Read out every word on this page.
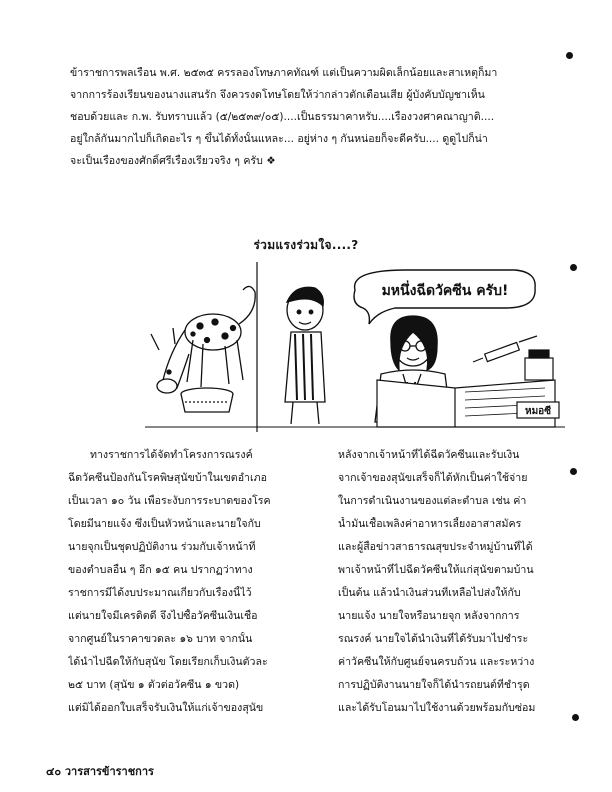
ข้าราชการพลเรือน พ.ศ. ๒๕๓๕ ครรลองโทษภาคทัณฑ์ แต่เป็นความผิดเล็กน้อยและสาเหตุก็มา
จากการร้องเรียนของนางแสนรัก จึงควรงดโทษโดยให้ว่ากล่าวตักเตือนเสีย ผู้บังคับบัญชาเห็น
ชอบด้วยและ ก.พ. รับทราบแล้ว (๕/๒๕๓๙/๐๕)....เป็นธรรมาคาหรับ....เรื่องวงศาคณาญาติ....
อยู่ใกล้กันมากไปก็เกิดอะไร ๆ ขึ้นได้ทั้งนั้นแหละ... อยู่ห่าง ๆ กันหน่อยก็จะดีครับ.... ดูดูไปก็น่า
จะเป็นเรื่องของศักดิ์ศรีเรื่องเรียวจริง ๆ ครับ ❖
ร่วมแรงร่วมใจ....?
มหนึ่งฉีดวัคซีน ครับ!
หมอซี
ทางราชการได้จัดทำโครงการณรงค์
ฉีดวัคซีนป้องกันโรคพิษสุนัขบ้าในเขตอำเภอ
เป็นเวลา ๑๐ วัน เพื่อระงับการระบาดของโรค
โดยมีนายแจ้ง ซึ่งเป็นหัวหน้าและนายใจกับ
นายจุกเป็นชุดปฏิบัติงาน ร่วมกับเจ้าหน้าที่
ของตำบลอื่น ๆ อีก ๑๕ คน ปรากฏว่าทาง
ราชการมีได้งบประมาณเกี่ยวกับเรื่องนี้ไว้
แต่นายใจมีเครดิตดี จึงไปซื้อวัคซีนเงินเชื่อ
จากศูนย์ในราคาขวดละ ๑๖ บาท จากนั้น
ได้นำไปฉีดให้กับสุนัข โดยเรียกเก็บเงินตัวละ
๒๕ บาท (สุนัข ๑ ตัวต่อวัคซีน ๑ ขวด)
แต่มิได้ออกใบเสร็จรับเงินให้แก่เจ้าของสุนัข
หลังจากเจ้าหน้าที่ได้ฉีดวัคซีนและรับเงิน
จากเจ้าของสุนัขเสร็จก็ได้หักเป็นค่าใช้จ่าย
ในการดำเนินงานของแต่ละตำบล เช่น ค่า
น้ำมันเชื้อเพลิงค่าอาหารเลี้ยงอาสาสมัคร
และผู้สื่อข่าวสาธารณสุขประจำหมู่บ้านที่ได้
พาเจ้าหน้าที่ไปฉีดวัคซีนให้แก่สุนัขตามบ้าน
เป็นต้น แล้วนำเงินส่วนที่เหลือไปส่งให้กับ
นายแจ้ง นายใจหรือนายจุก หลังจากการ
รณรงค์ นายใจได้นำเงินที่ได้รับมาไปชำระ
ค่าวัคซีนให้กับศูนย์จนครบถ้วน และระหว่าง
การปฏิบัติงานนายใจก็ได้นำรถยนต์ที่ชำรุด
และได้รับโอนมาไปใช้งานด้วยพร้อมกับซ่อม
๔๐ วารสารข้าราชการ
